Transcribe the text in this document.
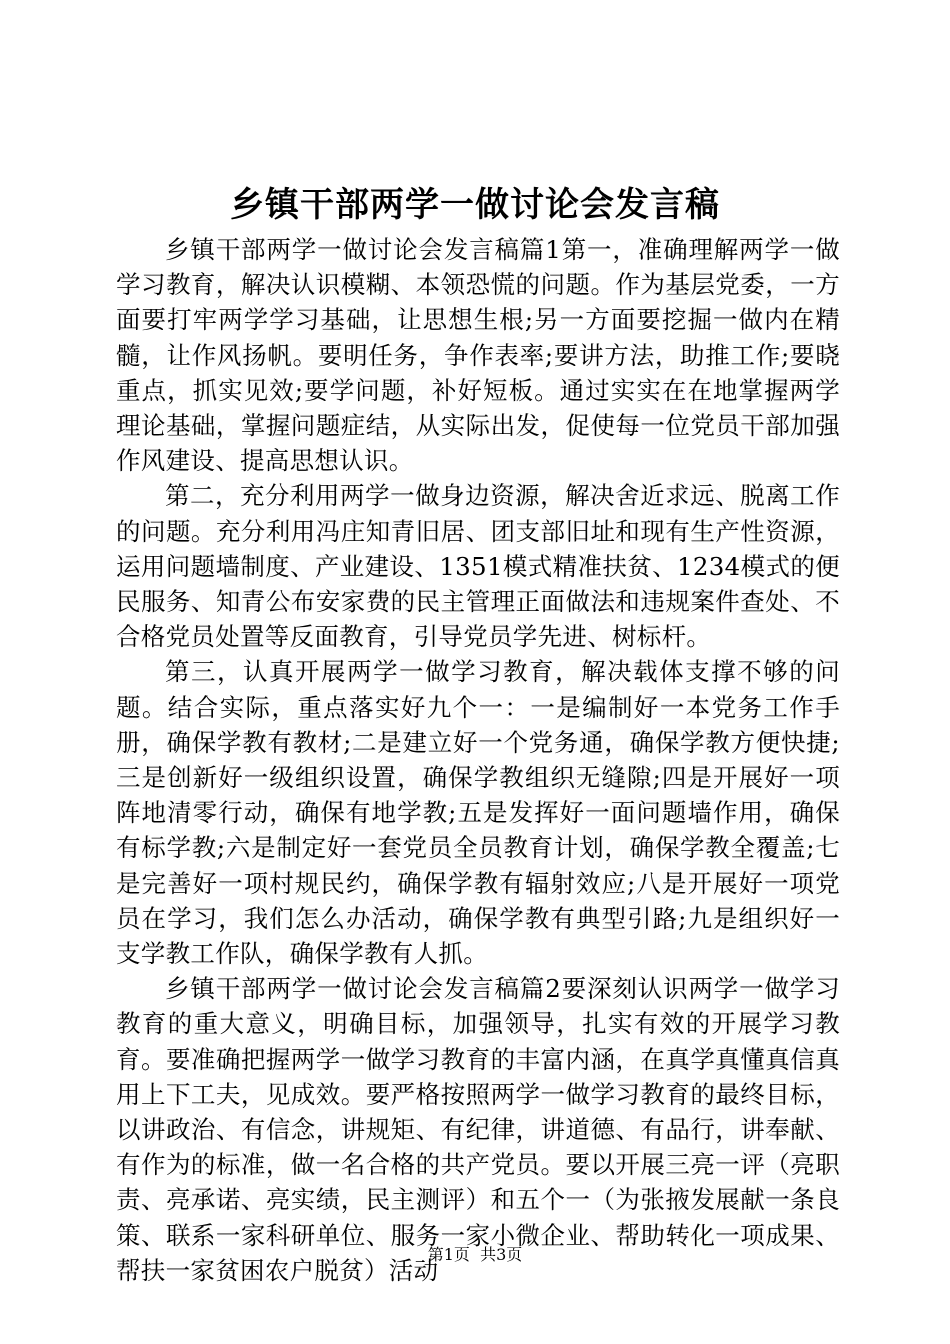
乡镇干部两学一做讨论会发言稿

乡镇干部两学一做讨论会发言稿篇1第一，准确理解两学一做学习教育，解决认识模糊、本领恐慌的问题。作为基层党委，一方面要打牢两学学习基础，让思想生根;另一方面要挖掘一做内在精髓，让作风扬帆。要明任务，争作表率;要讲方法，助推工作;要晓重点，抓实见效;要学问题，补好短板。通过实实在在地掌握两学理论基础，掌握问题症结，从实际出发，促使每一位党员干部加强作风建设、提高思想认识。

第二，充分利用两学一做身边资源，解决舍近求远、脱离工作的问题。充分利用冯庄知青旧居、团支部旧址和现有生产性资源，运用问题墙制度、产业建设、1351模式精准扶贫、1234模式的便民服务、知青公布安家费的民主管理正面做法和违规案件查处、不合格党员处置等反面教育，引导党员学先进、树标杆。

第三，认真开展两学一做学习教育，解决载体支撑不够的问题。结合实际，重点落实好九个一：一是编制好一本党务工作手册，确保学教有教材;二是建立好一个党务通，确保学教方便快捷;三是创新好一级组织设置，确保学教组织无缝隙;四是开展好一项阵地清零行动，确保有地学教;五是发挥好一面问题墙作用，确保有标学教;六是制定好一套党员全员教育计划，确保学教全覆盖;七是完善好一项村规民约，确保学教有辐射效应;八是开展好一项党员在学习，我们怎么办活动，确保学教有典型引路;九是组织好一支学教工作队，确保学教有人抓。

乡镇干部两学一做讨论会发言稿篇2要深刻认识两学一做学习教育的重大意义，明确目标，加强领导，扎实有效的开展学习教育。要准确把握两学一做学习教育的丰富内涵，在真学真懂真信真用上下工夫，见成效。要严格按照两学一做学习教育的最终目标，以讲政治、有信念，讲规矩、有纪律，讲道德、有品行，讲奉献、有作为的标准，做一名合格的共产党员。要以开展三亮一评（亮职责、亮承诺、亮实绩，民主测评）和五个一（为张掖发展献一条良策、联系一家科研单位、服务一家小微企业、帮助转化一项成果、帮扶一家贫困农户脱贫）活动

第1页 共3页
